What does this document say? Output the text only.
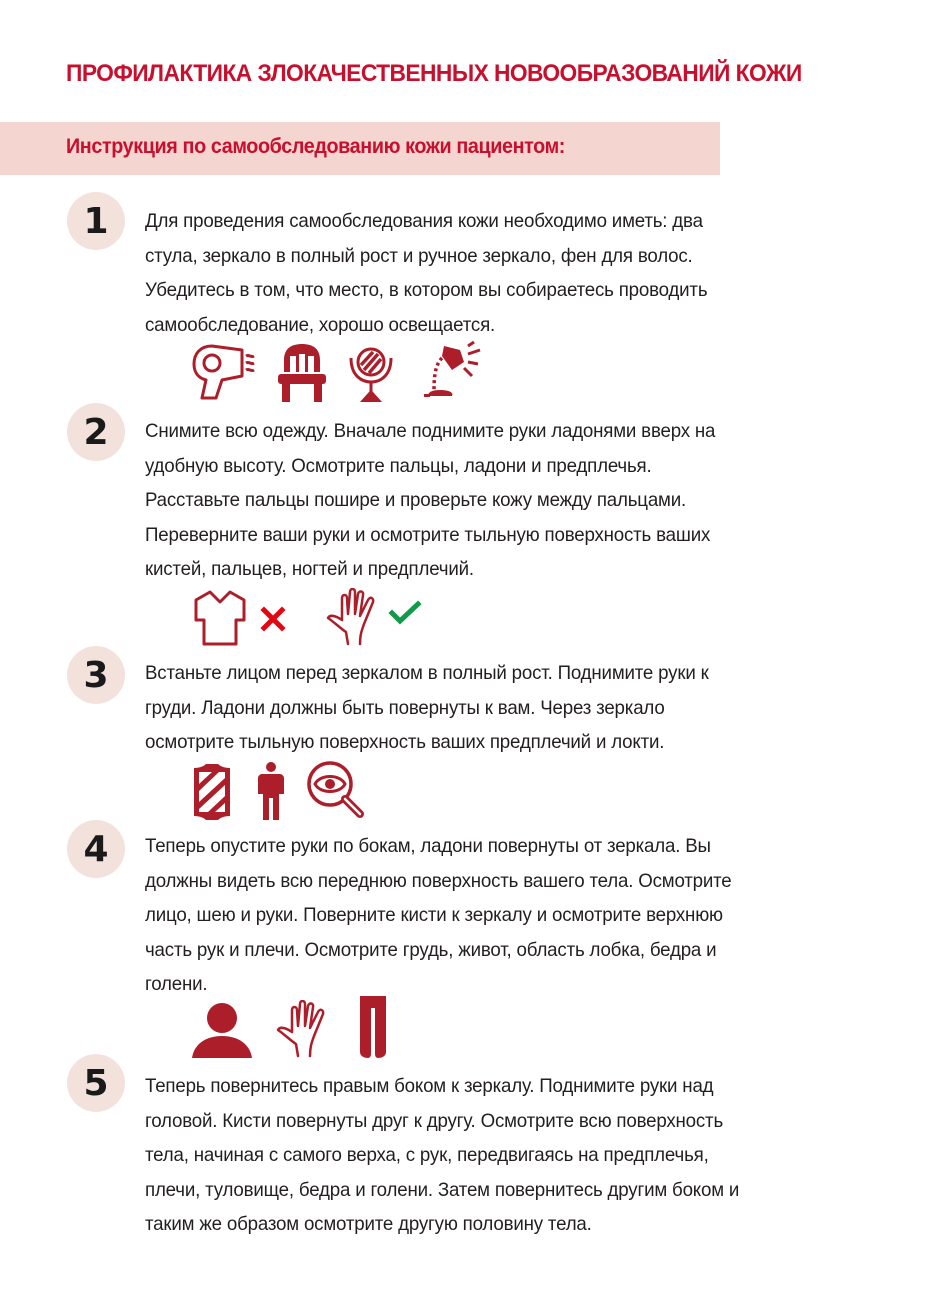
ПРОФИЛАКТИКА ЗЛОКАЧЕСТВЕННЫХ НОВООБРАЗОВАНИЙ КОЖИ
Инструкция по самообследованию кожи пациентом:
1	Для проведения самообследования кожи необходимо иметь: два
стула, зеркало в полный рост и ручное зеркало, фен для волос.
Убедитесь в том, что место, в котором вы собираетесь проводить
самообследование, хорошо освещается.
2	Снимите всю одежду. Вначале поднимите руки ладонями вверх на
удобную высоту. Осмотрите пальцы, ладони и предплечья.
Расставьте пальцы пошире и проверьте кожу между пальцами.
Переверните ваши руки и осмотрите тыльную поверхность ваших
кистей, пальцев, ногтей и предплечий.
3	Встаньте лицом перед зеркалом в полный рост. Поднимите руки к
груди. Ладони должны быть повернуты к вам. Через зеркало
осмотрите тыльную поверхность ваших предплечий и локти.
4	Теперь опустите руки по бокам, ладони повернуты от зеркала. Вы
должны видеть всю переднюю поверхность вашего тела. Осмотрите
лицо, шею и руки. Поверните кисти к зеркалу и осмотрите верхнюю
часть рук и плечи. Осмотрите грудь, живот, область лобка, бедра и
голени.
5	Теперь повернитесь правым боком к зеркалу. Поднимите руки над
головой. Кисти повернуты друг к другу. Осмотрите всю поверхность
тела, начиная с самого верха, с рук, передвигаясь на предплечья,
плечи, туловище, бедра и голени. Затем повернитесь другим боком и
таким же образом осмотрите другую половину тела.
